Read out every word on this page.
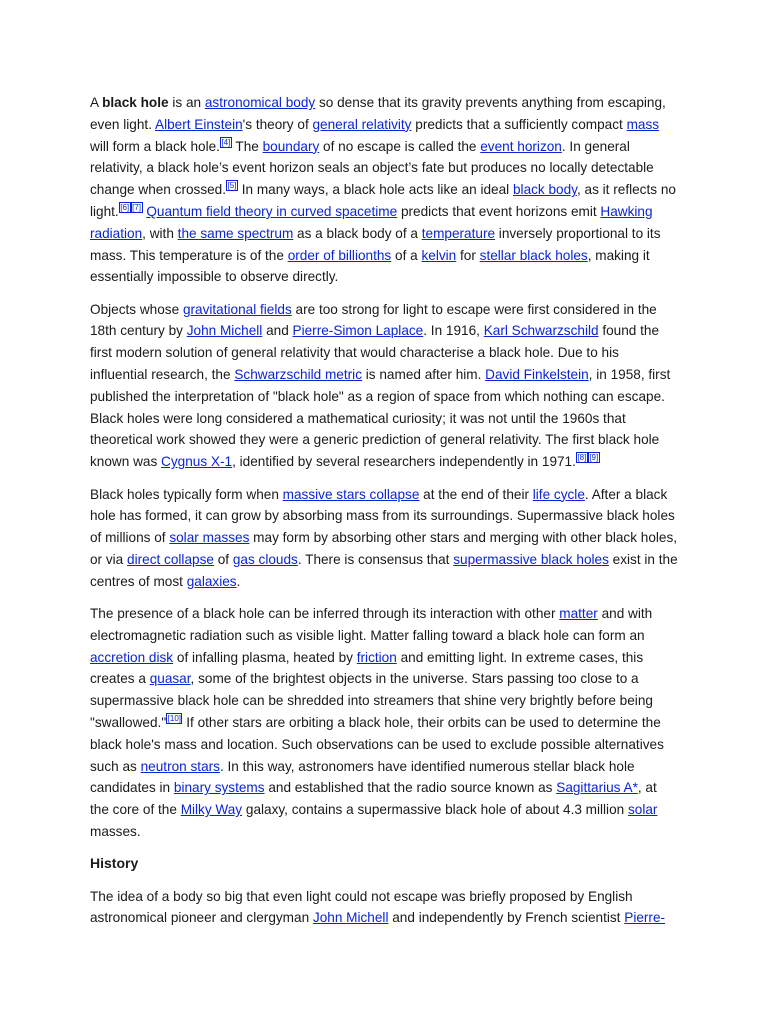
A black hole is an astronomical body so dense that its gravity prevents anything from escaping, even light. Albert Einstein's theory of general relativity predicts that a sufficiently compact mass will form a black hole. [4] The boundary of no escape is called the event horizon. In general relativity, a black hole’s event horizon seals an object’s fate but produces no locally detectable change when crossed. [5] In many ways, a black hole acts like an ideal black body, as it reflects no light. [6] [7] Quantum field theory in curved spacetime predicts that event horizons emit Hawking radiation, with the same spectrum as a black body of a temperature inversely proportional to its mass. This temperature is of the order of billionths of a kelvin for stellar black holes, making it essentially impossible to observe directly.

Objects whose gravitational fields are too strong for light to escape were first considered in the 18th century by John Michell and Pierre-Simon Laplace. In 1916, Karl Schwarzschild found the first modern solution of general relativity that would characterise a black hole. Due to his influential research, the Schwarzschild metric is named after him. David Finkelstein, in 1958, first published the interpretation of "black hole" as a region of space from which nothing can escape. Black holes were long considered a mathematical curiosity; it was not until the 1960s that theoretical work showed they were a generic prediction of general relativity. The first black hole known was Cygnus X-1, identified by several researchers independently in 1971. [8] [9]

Black holes typically form when massive stars collapse at the end of their life cycle. After a black hole has formed, it can grow by absorbing mass from its surroundings. Supermassive black holes of millions of solar masses may form by absorbing other stars and merging with other black holes, or via direct collapse of gas clouds. There is consensus that supermassive black holes exist in the centres of most galaxies.

The presence of a black hole can be inferred through its interaction with other matter and with electromagnetic radiation such as visible light. Matter falling toward a black hole can form an accretion disk of infalling plasma, heated by friction and emitting light. In extreme cases, this creates a quasar, some of the brightest objects in the universe. Stars passing too close to a supermassive black hole can be shredded into streamers that shine very brightly before being "swallowed." [10] If other stars are orbiting a black hole, their orbits can be used to determine the black hole's mass and location. Such observations can be used to exclude possible alternatives such as neutron stars. In this way, astronomers have identified numerous stellar black hole candidates in binary systems and established that the radio source known as Sagittarius A*, at the core of the Milky Way galaxy, contains a supermassive black hole of about 4.3 million solar masses.

History

The idea of a body so big that even light could not escape was briefly proposed by English astronomical pioneer and clergyman John Michell and independently by French scientist Pierre-
